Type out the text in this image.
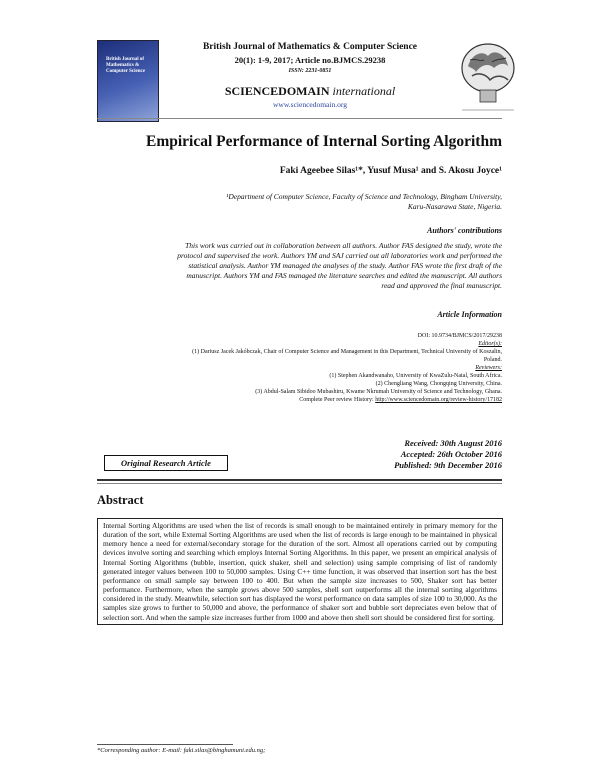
British Journal of Mathematics & Computer Science
British Journal of Mathematics & Computer Science
20(1): 1-9, 2017; Article no.BJMCS.29238
ISSN: 2231-0851
SCIENCEDOMAIN international
www.sciencedomain.org
Empirical Performance of Internal Sorting Algorithm
Faki Ageebee Silas¹*, Yusuf Musa¹ and S. Akosu Joyce¹
¹Department of Computer Science, Faculty of Science and Technology, Bingham University,
Karu-Nasarawa State, Nigeria.
Authors' contributions
This work was carried out in collaboration between all authors. Author FAS designed the study, wrote the
protocol and supervised the work. Authors YM and SAJ carried out all laboratories work and performed the
statistical analysis. Author YM managed the analyses of the study. Author FAS wrote the first draft of the
manuscript. Authors YM and FAS managed the literature searches and edited the manuscript. All authors
read and approved the final manuscript.
Article Information
DOI: 10.9734/BJMCS/2017/29238
Editor(s):
(1) Dariusz Jacek Jakóbczak, Chair of Computer Science and Management in this Department, Technical University of Koszalin,
Poland.
Reviewers:
(1) Stephen Akandwanaho, University of KwaZulu-Natal, South Africa.
(2) Chengliang Wang, Chongqing University, China.
(3) Abdul-Salam Sibidoo Mubashiru, Kwame Nkrumah University of Science and Technology, Ghana.
Complete Peer review History: http://www.sciencedomain.org/review-history/17182
Received: 30th August 2016
Accepted: 26th October 2016
Published: 9th December 2016
Original Research Article
Abstract
Internal Sorting Algorithms are used when the list of records is small enough to be maintained entirely in primary memory for the duration of the sort, while External Sorting Algorithms are used when the list of records is large enough to be maintained in physical memory hence a need for external/secondary storage for the duration of the sort. Almost all operations carried out by computing devices involve sorting and searching which employs Internal Sorting Algorithms. In this paper, we present an empirical analysis of Internal Sorting Algorithms (bubble, insertion, quick shaker, shell and selection) using sample comprising of list of randomly generated integer values between 100 to 50,000 samples. Using C++ time function, it was observed that insertion sort has the best performance on small sample say between 100 to 400. But when the sample size increases to 500, Shaker sort has better performance. Furthermore, when the sample grows above 500 samples, shell sort outperforms all the internal sorting algorithms considered in the study. Meanwhile, selection sort has displayed the worst performance on data samples of size 100 to 30,000. As the samples size grows to further to 50,000 and above, the performance of shaker sort and bubble sort depreciates even below that of selection sort. And when the sample size increases further from 1000 and above then shell sort should be considered first for sorting.
*Corresponding author: E-mail: faki.silas@binghamuni.edu.ng;
